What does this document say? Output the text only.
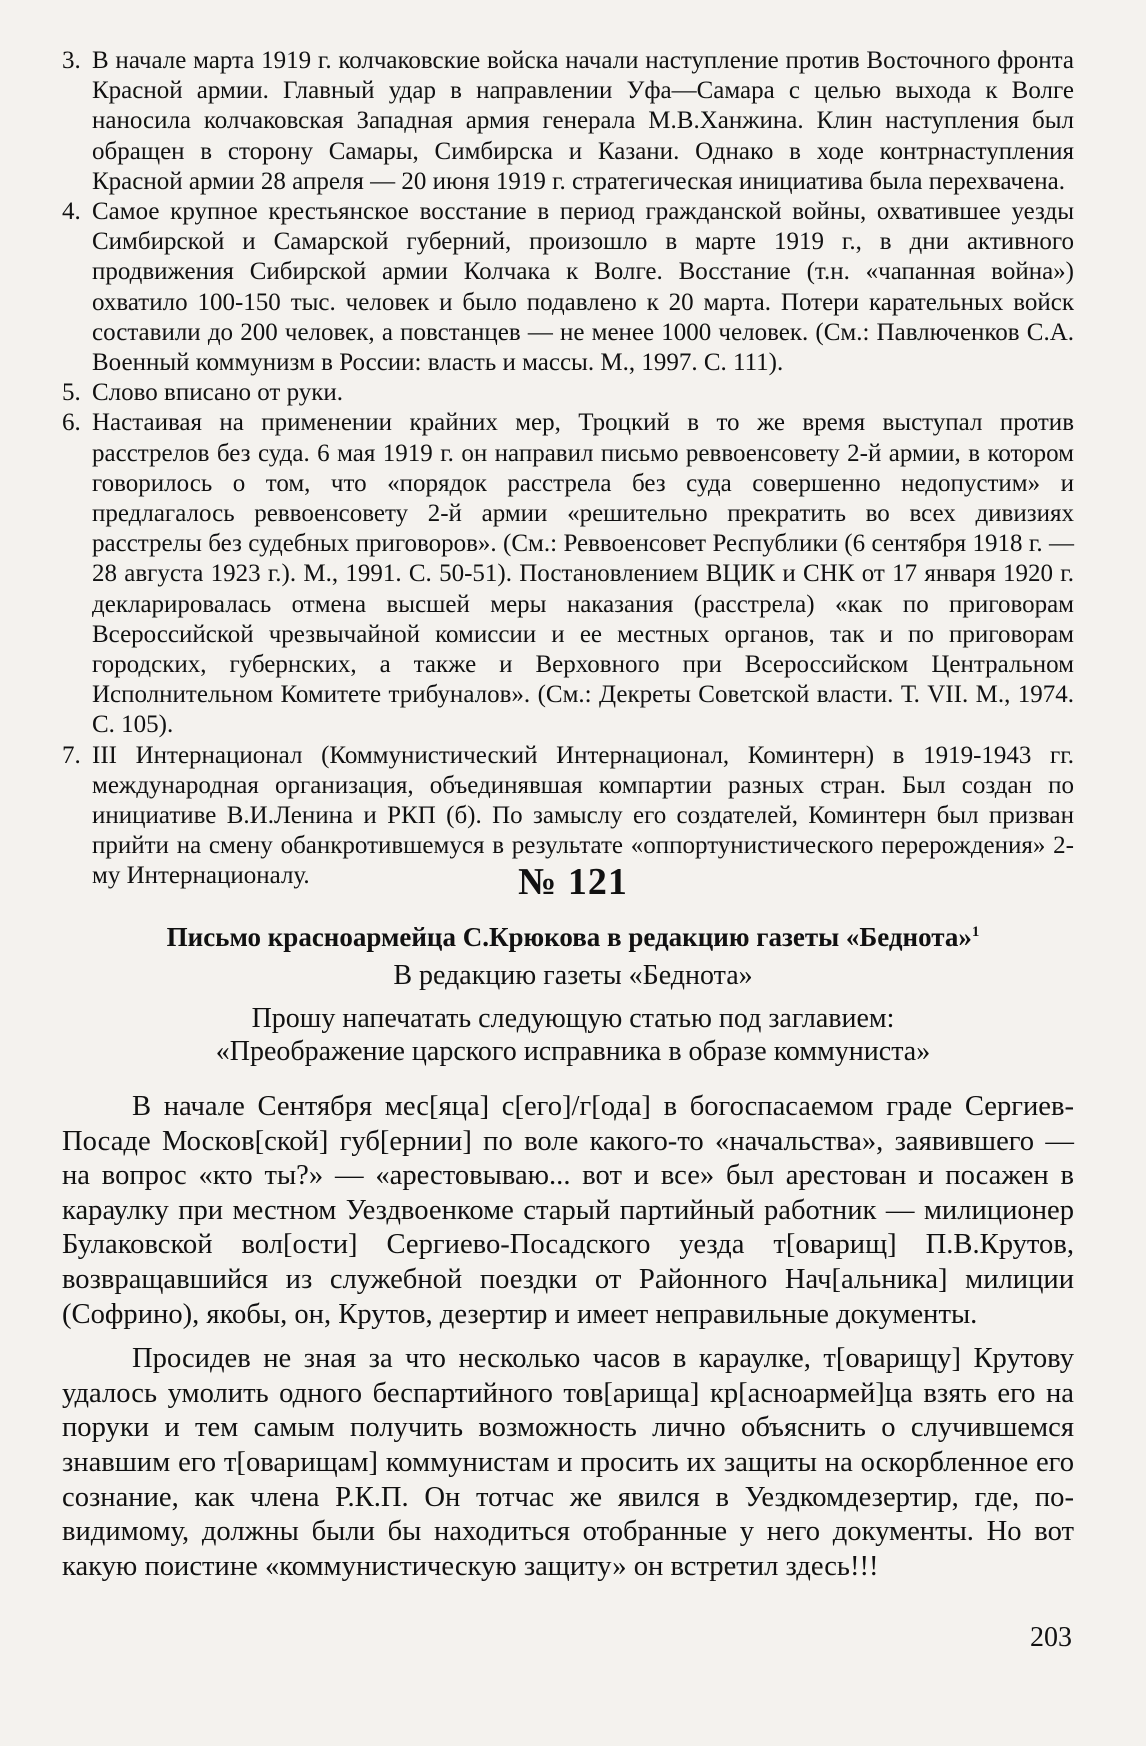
3. В начале марта 1919 г. колчаковские войска начали наступление против Восточного фронта Красной армии. Главный удар в направлении Уфа—Самара с целью выхода к Волге наносила колчаковская Западная армия генерала М.В.Ханжина. Клин наступления был обращен в сторону Самары, Симбирска и Казани. Однако в ходе контрнаступления Красной армии 28 апреля — 20 июня 1919 г. стратегическая инициатива была перехвачена.
4. Самое крупное крестьянское восстание в период гражданской войны, охватившее уезды Симбирской и Самарской губерний, произошло в марте 1919 г., в дни активного продвижения Сибирской армии Колчака к Волге. Восстание (т.н. «чапанная война») охватило 100-150 тыс. человек и было подавлено к 20 марта. Потери карательных войск составили до 200 человек, а повстанцев — не менее 1000 человек. (См.: Павлюченков С.А. Военный коммунизм в России: власть и массы. М., 1997. С. 111).
5. Слово вписано от руки.
6. Настаивая на применении крайних мер, Троцкий в то же время выступал против расстрелов без суда. 6 мая 1919 г. он направил письмо реввоенсовету 2-й армии, в котором говорилось о том, что «порядок расстрела без суда совершенно недопустим» и предлагалось реввоенсовету 2-й армии «решительно прекратить во всех дивизиях расстрелы без судебных приговоров». (См.: Реввоенсовет Республики (6 сентября 1918 г. — 28 августа 1923 г.). М., 1991. С. 50-51). Постановлением ВЦИК и СНК от 17 января 1920 г. декларировалась отмена высшей меры наказания (расстрела) «как по приговорам Всероссийской чрезвычайной комиссии и ее местных органов, так и по приговорам городских, губернских, а также и Верховного при Всероссийском Центральном Исполнительном Комитете трибуналов». (См.: Декреты Советской власти. Т. VII. М., 1974. С. 105).
7. III Интернационал (Коммунистический Интернационал, Коминтерн) в 1919-1943 гг. международная организация, объединявшая компартии разных стран. Был создан по инициативе В.И.Ленина и РКП (б). По замыслу его создателей, Коминтерн был призван прийти на смену обанкротившемуся в результате «оппортунистического перерождения» 2-му Интернационалу.	№ 121
Письмо красноармейца С.Крюкова в редакцию газеты «Беднота»$^1$
В редакцию газеты «Беднота»
Прошу напечатать следующую статью под заглавием:
«Преображение царского исправника в образе коммуниста»

В начале Сентября мес[яца] с[его]/г[ода] в богоспасаемом граде Сергиев-Посаде Москов[ской] губ[ернии] по воле какого-то «начальства», заявившего — на вопрос «кто ты?» — «арестовываю... вот и все» был арестован и посажен в караулку при местном Уездвоенкоме старый партийный работник — милиционер Булаковской вол[ости] Сергиево-Посадского уезда т[оварищ] П.В.Крутов, возвращавшийся из служебной поездки от Районного Нач[альника] милиции (Софрино), якобы, он, Крутов, дезертир и имеет неправильные документы.

Просидев не зная за что несколько часов в караулке, т[оварищу] Крутову удалось умолить одного беспартийного тов[арища] кр[асноармей]ца взять его на поруки и тем самым получить возможность лично объяснить о случившемся знавшим его т[оварищам] коммунистам и просить их защиты на оскорбленное его сознание, как члена Р.К.П. Он тотчас же явился в Уездкомдезертир, где, по-видимому, должны были бы находиться отобранные у него документы. Но вот какую поистине «коммунистическую защиту» он встретил здесь!!!

203
